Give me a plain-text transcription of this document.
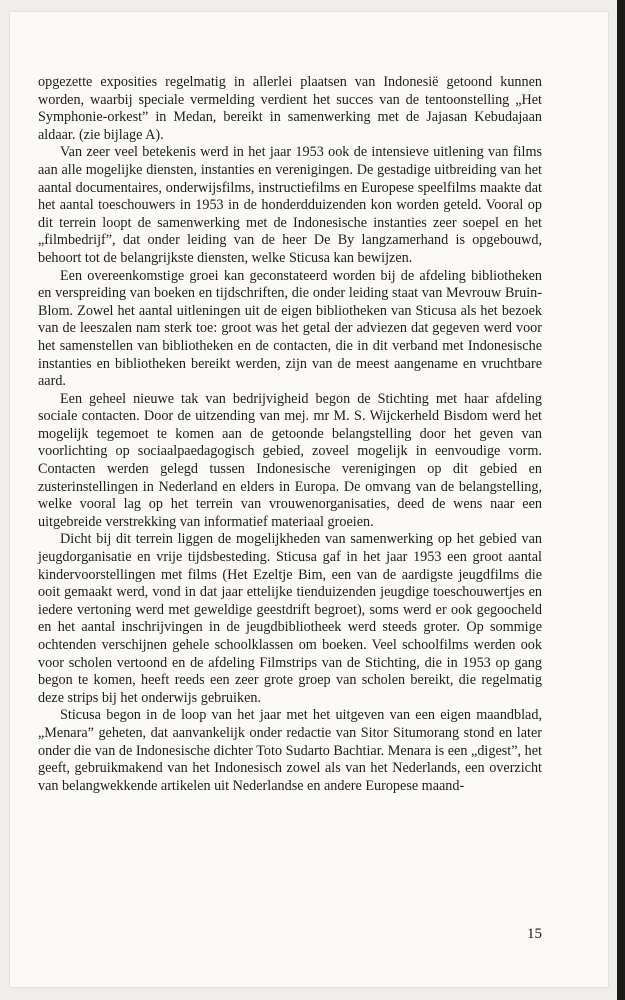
opgezette exposities regelmatig in allerlei plaatsen van Indonesië getoond kunnen worden, waarbij speciale vermelding verdient het succes van de tentoonstelling „Het Symphonie-orkest” in Medan, bereikt in samenwerking met de Jajasan Kebudajaan aldaar. (zie bijlage A).

Van zeer veel betekenis werd in het jaar 1953 ook de intensieve uitlening van films aan alle mogelijke diensten, instanties en verenigingen. De gestadige uitbreiding van het aantal documentaires, onderwijsfilms, instructiefilms en Europese speelfilms maakte dat het aantal toeschouwers in 1953 in de honderdduizenden kon worden geteld. Vooral op dit terrein loopt de samenwerking met de Indonesische instanties zeer soepel en het „filmbedrijf”, dat onder leiding van de heer De By langzamerhand is opgebouwd, behoort tot de belangrijkste diensten, welke Sticusa kan bewijzen.

Een overeenkomstige groei kan geconstateerd worden bij de afdeling bibliotheken en verspreiding van boeken en tijdschriften, die onder leiding staat van Mevrouw Bruin-Blom. Zowel het aantal uitleningen uit de eigen bibliotheken van Sticusa als het bezoek van de leeszalen nam sterk toe: groot was het getal der adviezen dat gegeven werd voor het samenstellen van bibliotheken en de contacten, die in dit verband met Indonesische instanties en bibliotheken bereikt werden, zijn van de meest aangename en vruchtbare aard.

Een geheel nieuwe tak van bedrijvigheid begon de Stichting met haar afdeling sociale contacten. Door de uitzending van mej. mr M. S. Wijckerheld Bisdom werd het mogelijk tegemoet te komen aan de getoonde belangstelling door het geven van voorlichting op sociaalpaedagogisch gebied, zoveel mogelijk in eenvoudige vorm. Contacten werden gelegd tussen Indonesische verenigingen op dit gebied en zusterinstellingen in Nederland en elders in Europa. De omvang van de belangstelling, welke vooral lag op het terrein van vrouwenorganisaties, deed de wens naar een uitgebreide verstrekking van informatief materiaal groeien.

Dicht bij dit terrein liggen de mogelijkheden van samenwerking op het gebied van jeugdorganisatie en vrije tijdsbesteding. Sticusa gaf in het jaar 1953 een groot aantal kindervoorstellingen met films (Het Ezeltje Bim, een van de aardigste jeugdfilms die ooit gemaakt werd, vond in dat jaar ettelijke tienduizenden jeugdige toeschouwertjes en iedere vertoning werd met geweldige geestdrift begroet), soms werd er ook gegoocheld en het aantal inschrijvingen in de jeugdbibliotheek werd steeds groter. Op sommige ochtenden verschijnen gehele schoolklassen om boeken. Veel schoolfilms werden ook voor scholen vertoond en de afdeling Filmstrips van de Stichting, die in 1953 op gang begon te komen, heeft reeds een zeer grote groep van scholen bereikt, die regelmatig deze strips bij het onderwijs gebruiken.

Sticusa begon in de loop van het jaar met het uitgeven van een eigen maandblad, „Menara” geheten, dat aanvankelijk onder redactie van Sitor Situmorang stond en later onder die van de Indonesische dichter Toto Sudarto Bachtiar. Menara is een „digest”, het geeft, gebruikmakend van het Indonesisch zowel als van het Nederlands, een overzicht van belangwekkende artikelen uit Nederlandse en andere Europese maand-

15
